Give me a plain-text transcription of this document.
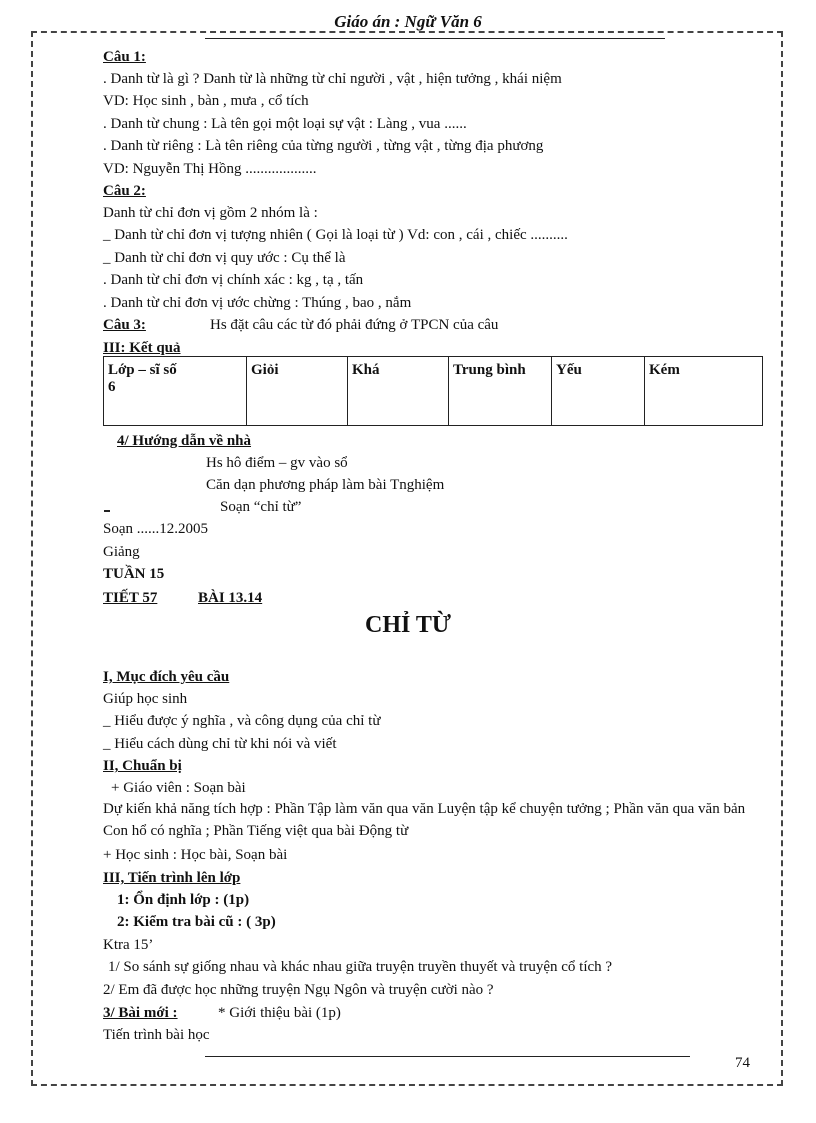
Giáo án : Ngữ Văn 6
Câu 1:
. Danh từ là gì ? Danh từ là những từ chỉ người , vật , hiện tưởng , khái niệm
VD: Học sinh , bàn , mưa , cổ tích
. Danh từ chung : Là tên gọi một loại sự vật : Làng , vua ......
. Danh từ riêng : Là tên riêng của từng người , từng vật , từng địa phương
VD: Nguyễn Thị Hồng ...................
Câu 2:
Danh từ chỉ đơn vị gồm 2 nhóm là :
_ Danh từ chỉ đơn vị tượng nhiên ( Gọi là loại từ ) Vd: con , cái , chiếc ..........
_ Danh từ chỉ đơn vị quy ước : Cụ thể là
. Danh từ chỉ đơn vị chính xác : kg , tạ , tấn
. Danh từ chỉ đơn vị ước chừng : Thúng , bao , nắm
Câu 3:	Hs đặt câu các từ đó phải đứng ở TPCN của câu
III: Kết quả
Lớp – sĩ số
6	Giỏi	Khá	Trung bình	Yếu	Kém
4/ Hướng dẫn về nhà
Hs hô điểm – gv vào sổ
Căn dạn phương pháp làm bài Tnghiệm
Soạn “chỉ từ”
Soạn ......12.2005
Giảng
TUẦN 15
TIẾT 57	BÀI 13.14
CHỈ TỪ
I, Mục đích yêu cầu
Giúp học sinh
_ Hiểu được ý nghĩa , và công dụng của chỉ từ
_ Hiểu cách dùng chỉ từ khi nói và viết
II, Chuẩn bị
+ Giáo viên : Soạn bài
Dự kiến khả năng tích hợp : Phần Tập làm văn qua văn Luyện tập kể chuyện tưởng ; Phần văn qua văn bản Con hổ có nghĩa ; Phần Tiếng việt qua bài Động từ
+ Học sinh : Học bài, Soạn bài
III, Tiến trình lên lớp
1: Ổn định lớp : (1p)
2: Kiểm tra bài cũ : ( 3p)
Ktra 15’
1/ So sánh sự giống nhau và khác nhau giữa truyện truyền thuyết và truyện cổ tích ?
2/ Em đã được học những truyện Ngụ Ngôn và truyện cười nào ?
3/ Bài mới :	* Giới thiệu bài (1p)
Tiến trình bài học
74
